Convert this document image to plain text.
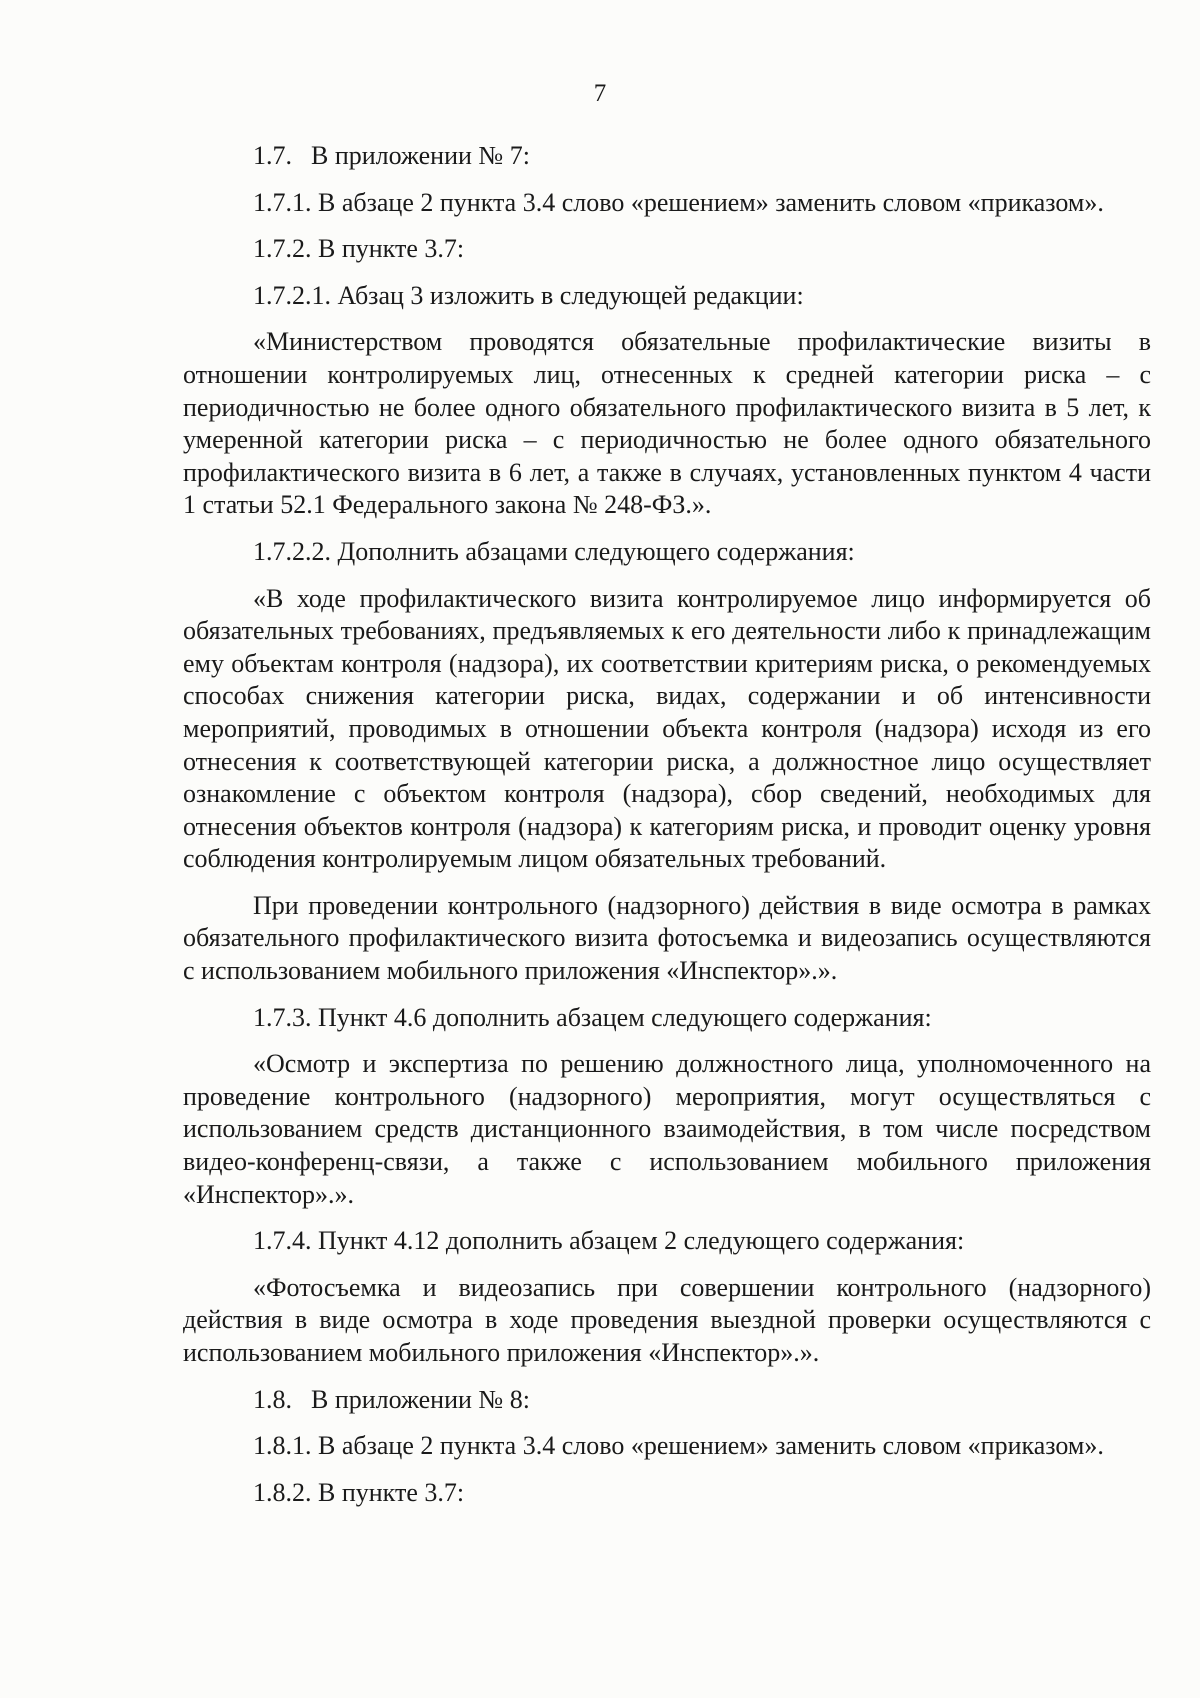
7

1.7. В приложении № 7:

1.7.1. В абзаце 2 пункта 3.4 слово «решением» заменить словом «приказом».

1.7.2. В пункте 3.7:

1.7.2.1. Абзац 3 изложить в следующей редакции:

«Министерством проводятся обязательные профилактические визиты в отношении контролируемых лиц, отнесенных к средней категории риска – с периодичностью не более одного обязательного профилактического визита в 5 лет, к умеренной категории риска – с периодичностью не более одного обязательного профилактического визита в 6 лет, а также в случаях, установленных пунктом 4 части 1 статьи 52.1 Федерального закона № 248-ФЗ.».

1.7.2.2. Дополнить абзацами следующего содержания:

«В ходе профилактического визита контролируемое лицо информируется об обязательных требованиях, предъявляемых к его деятельности либо к принадлежащим ему объектам контроля (надзора), их соответствии критериям риска, о рекомендуемых способах снижения категории риска, видах, содержании и об интенсивности мероприятий, проводимых в отношении объекта контроля (надзора) исходя из его отнесения к соответствующей категории риска, а должностное лицо осуществляет ознакомление с объектом контроля (надзора), сбор сведений, необходимых для отнесения объектов контроля (надзора) к категориям риска, и проводит оценку уровня соблюдения контролируемым лицом обязательных требований.

При проведении контрольного (надзорного) действия в виде осмотра в рамках обязательного профилактического визита фотосъемка и видеозапись осуществляются с использованием мобильного приложения «Инспектор».».

1.7.3. Пункт 4.6 дополнить абзацем следующего содержания:

«Осмотр и экспертиза по решению должностного лица, уполномоченного на проведение контрольного (надзорного) мероприятия, могут осуществляться с использованием средств дистанционного взаимодействия, в том числе посредством видео-конференц-связи, а также с использованием мобильного приложения «Инспектор».».

1.7.4. Пункт 4.12 дополнить абзацем 2 следующего содержания:

«Фотосъемка и видеозапись при совершении контрольного (надзорного) действия в виде осмотра в ходе проведения выездной проверки осуществляются с использованием мобильного приложения «Инспектор».».

1.8. В приложении № 8:

1.8.1. В абзаце 2 пункта 3.4 слово «решением» заменить словом «приказом».

1.8.2. В пункте 3.7:
